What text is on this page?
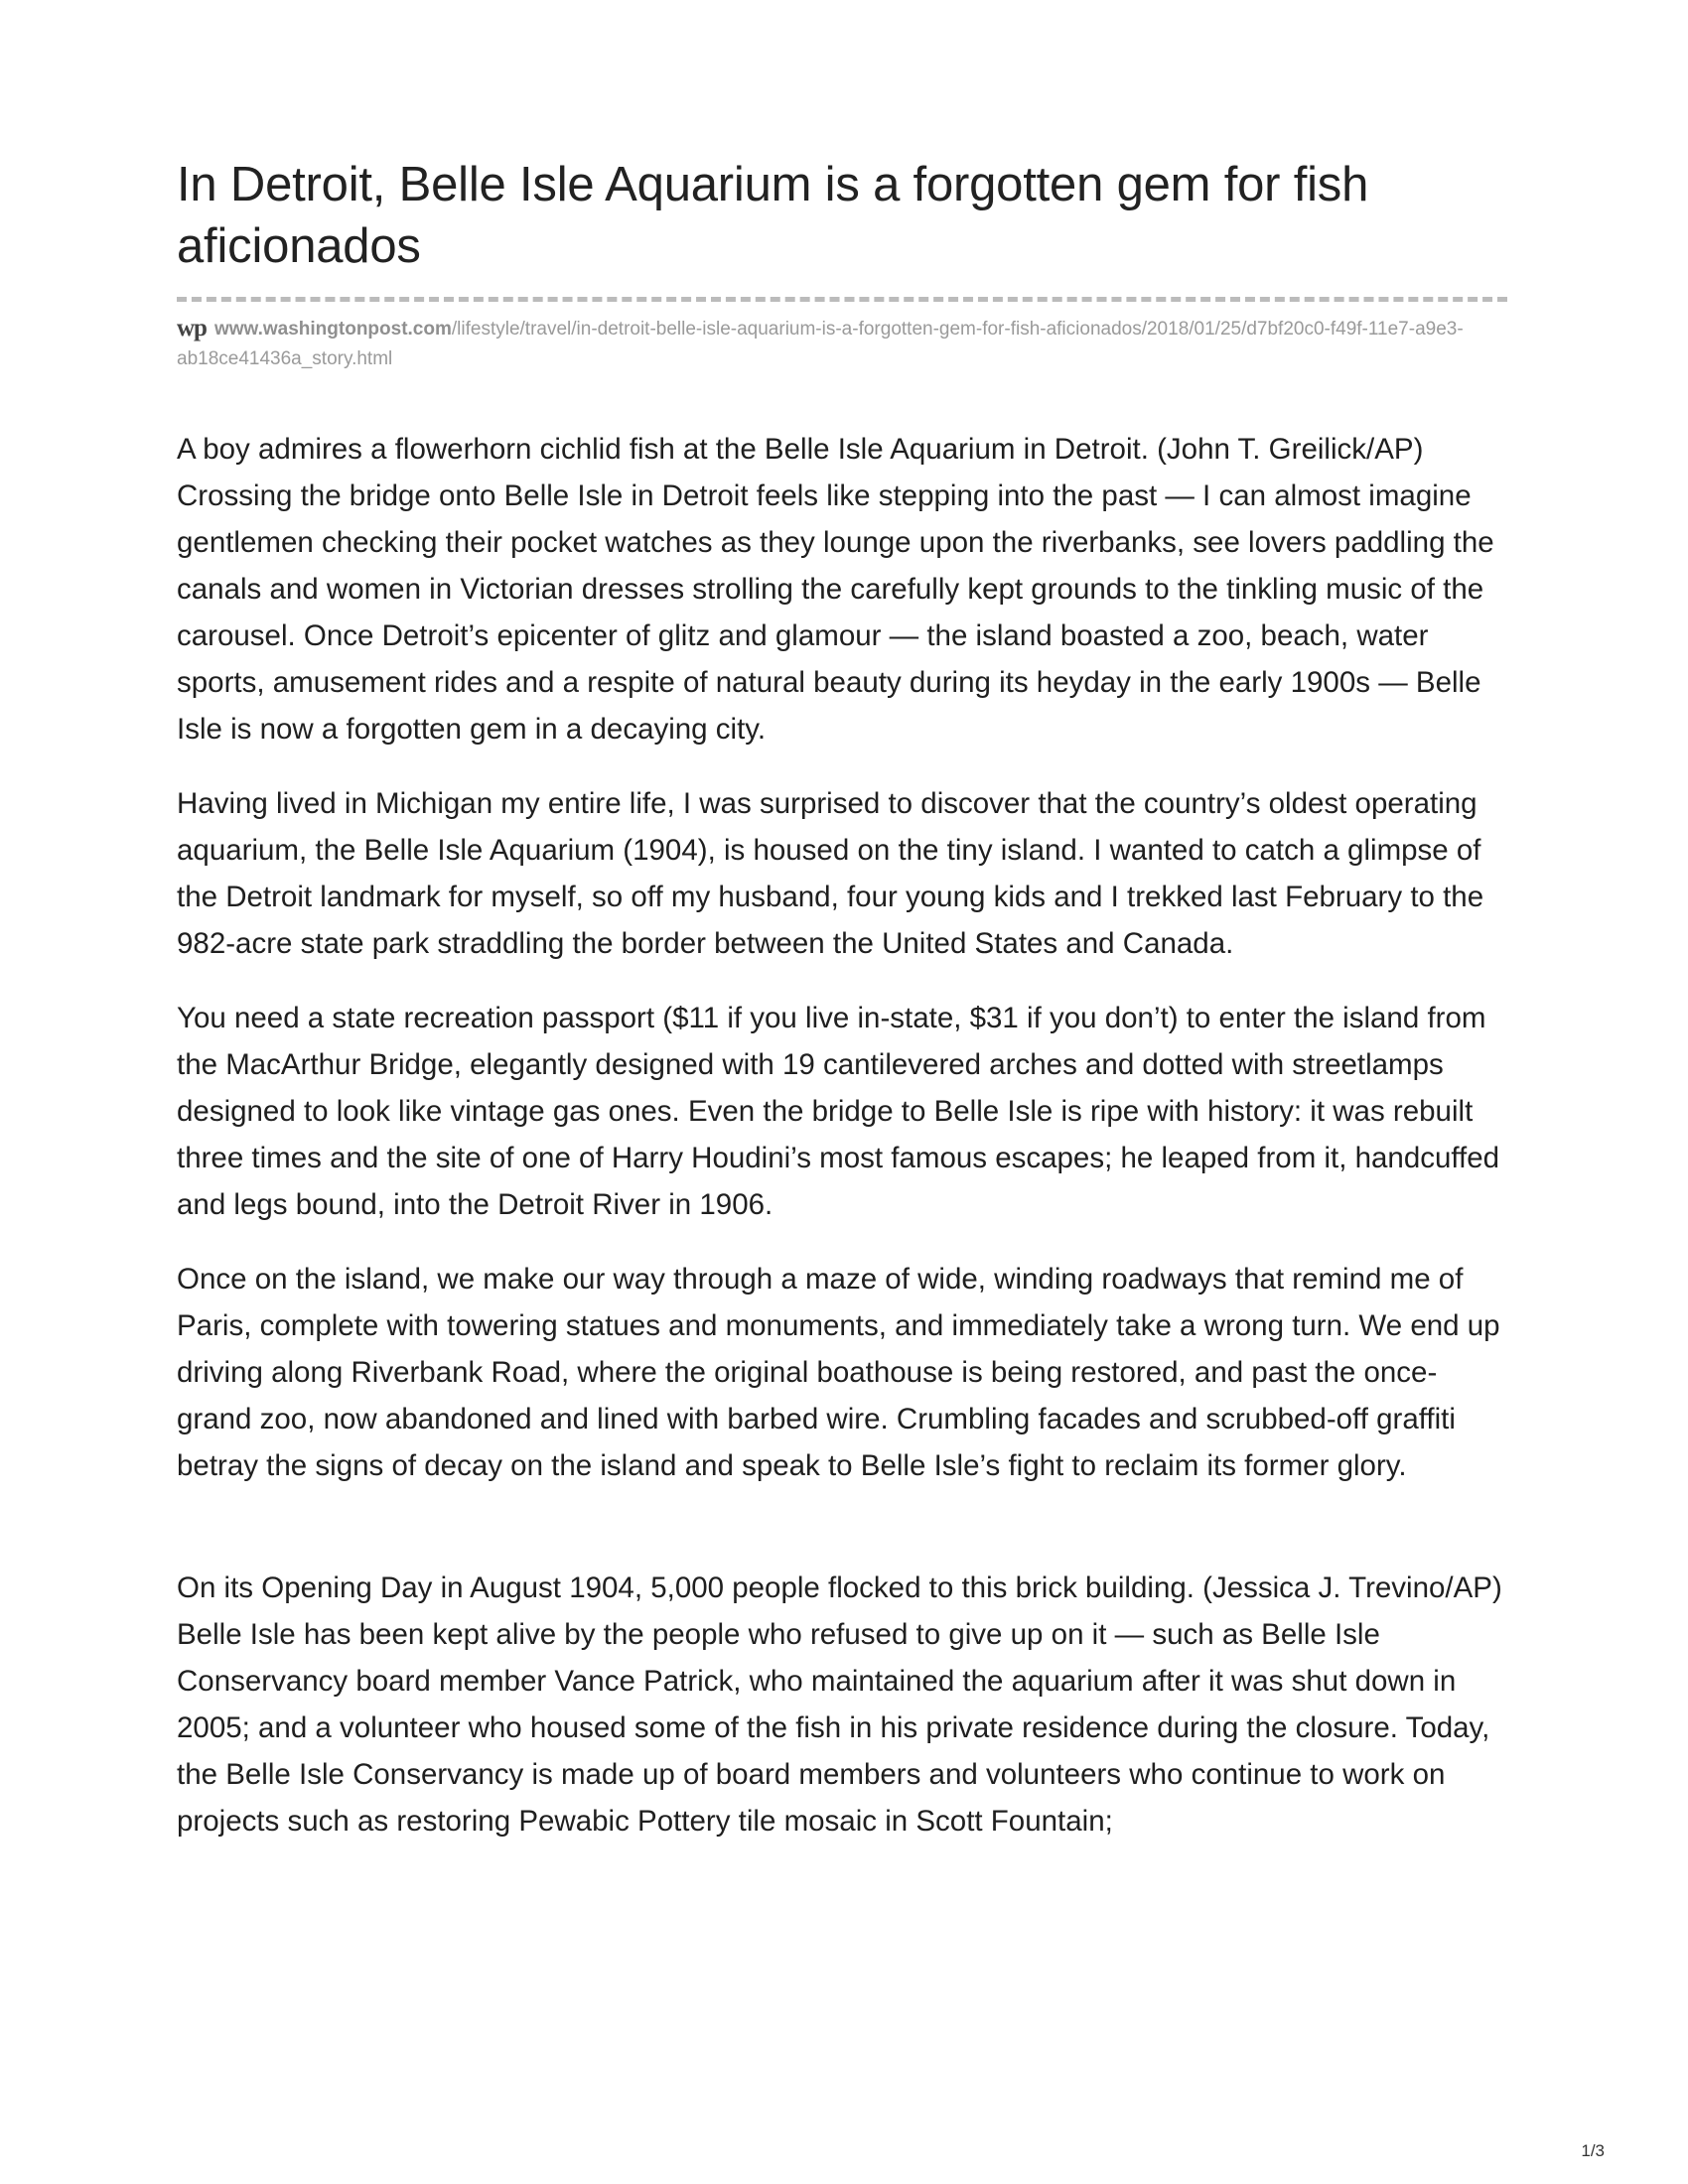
In Detroit, Belle Isle Aquarium is a forgotten gem for fish aficionados
wp www.washingtonpost.com/lifestyle/travel/in-detroit-belle-isle-aquarium-is-a-forgotten-gem-for-fish-aficionados/2018/01/25/d7bf20c0-f49f-11e7-a9e3-ab18ce41436a_story.html

A boy admires a flowerhorn cichlid fish at the Belle Isle Aquarium in Detroit. (John T. Greilick/AP)

Crossing the bridge onto Belle Isle in Detroit feels like stepping into the past — I can almost imagine gentlemen checking their pocket watches as they lounge upon the riverbanks, see lovers paddling the canals and women in Victorian dresses strolling the carefully kept grounds to the tinkling music of the carousel. Once Detroit’s epicenter of glitz and glamour — the island boasted a zoo, beach, water sports, amusement rides and a respite of natural beauty during its heyday in the early 1900s — Belle Isle is now a forgotten gem in a decaying city.

Having lived in Michigan my entire life, I was surprised to discover that the country’s oldest operating aquarium, the Belle Isle Aquarium (1904), is housed on the tiny island. I wanted to catch a glimpse of the Detroit landmark for myself, so off my husband, four young kids and I trekked last February to the 982-acre state park straddling the border between the United States and Canada.

You need a state recreation passport ($11 if you live in-state, $31 if you don’t) to enter the island from the MacArthur Bridge, elegantly designed with 19 cantilevered arches and dotted with streetlamps designed to look like vintage gas ones. Even the bridge to Belle Isle is ripe with history: it was rebuilt three times and the site of one of Harry Houdini’s most famous escapes; he leaped from it, handcuffed and legs bound, into the Detroit River in 1906.

Once on the island, we make our way through a maze of wide, winding roadways that remind me of Paris, complete with towering statues and monuments, and immediately take a wrong turn. We end up driving along Riverbank Road, where the original boathouse is being restored, and past the once-grand zoo, now abandoned and lined with barbed wire. Crumbling facades and scrubbed-off graffiti betray the signs of decay on the island and speak to Belle Isle’s fight to reclaim its former glory.

On its Opening Day in August 1904, 5,000 people flocked to this brick building. (Jessica J. Trevino/AP)

Belle Isle has been kept alive by the people who refused to give up on it — such as Belle Isle Conservancy board member Vance Patrick, who maintained the aquarium after it was shut down in 2005; and a volunteer who housed some of the fish in his private residence during the closure. Today, the Belle Isle Conservancy is made up of board members and volunteers who continue to work on projects such as restoring Pewabic Pottery tile mosaic in Scott Fountain;

1/3
